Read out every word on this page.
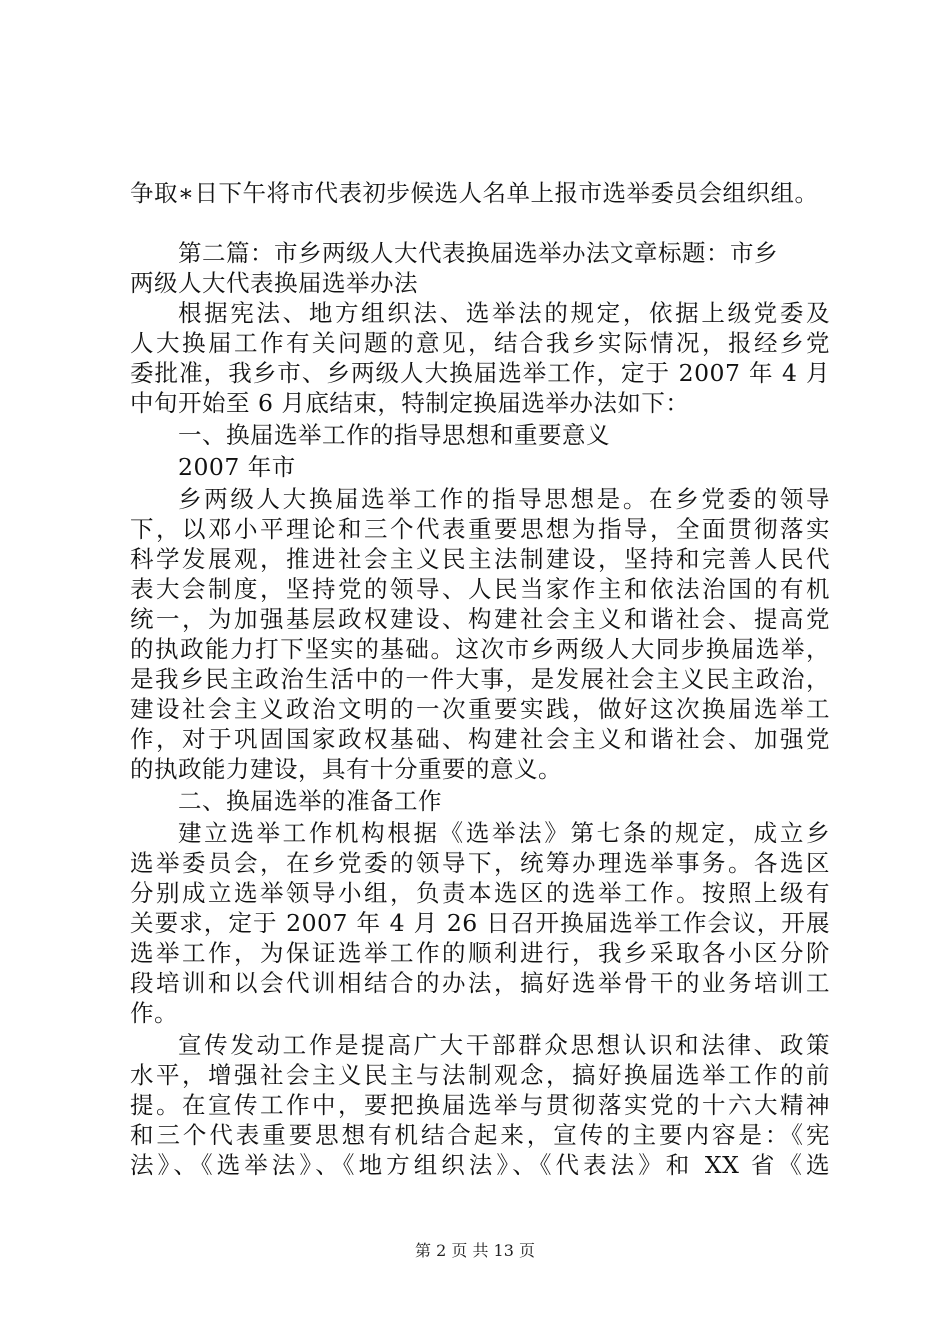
争取∗日下午将市代表初步候选人名单上报市选举委员会组织组。
第二篇：市乡两级人大代表换届选举办法文章标题：市乡
两级人大代表换届选举办法
根据宪法、地方组织法、选举法的规定，依据上级党委及
人大换届工作有关问题的意见，结合我乡实际情况，报经乡党
委批准，我乡市、乡两级人大换届选举工作，定于 2007 年 4 月
中旬开始至 6 月底结束，特制定换届选举办法如下：
一、换届选举工作的指导思想和重要意义
2007 年市
乡两级人大换届选举工作的指导思想是。在乡党委的领导
下，以邓小平理论和三个代表重要思想为指导，全面贯彻落实
科学发展观，推进社会主义民主法制建设，坚持和完善人民代
表大会制度，坚持党的领导、人民当家作主和依法治国的有机
统一，为加强基层政权建设、构建社会主义和谐社会、提高党
的执政能力打下坚实的基础。这次市乡两级人大同步换届选举，
是我乡民主政治生活中的一件大事，是发展社会主义民主政治，
建设社会主义政治文明的一次重要实践，做好这次换届选举工
作，对于巩固国家政权基础、构建社会主义和谐社会、加强党
的执政能力建设，具有十分重要的意义。
二、换届选举的准备工作
建立选举工作机构根据《选举法》第七条的规定，成立乡
选举委员会，在乡党委的领导下，统筹办理选举事务。各选区
分别成立选举领导小组，负责本选区的选举工作。按照上级有
关要求，定于 2007 年 4 月 26 日召开换届选举工作会议，开展
选举工作，为保证选举工作的顺利进行，我乡采取各小区分阶
段培训和以会代训相结合的办法，搞好选举骨干的业务培训工
作。
宣传发动工作是提高广大干部群众思想认识和法律、政策
水平，增强社会主义民主与法制观念，搞好换届选举工作的前
提。在宣传工作中，要把换届选举与贯彻落实党的十六大精神
和三个代表重要思想有机结合起来，宣传的主要内容是：《宪
法》、《选举法》、《地方组织法》、《代表法》和 XX 省《选
第 2 页 共 13 页
